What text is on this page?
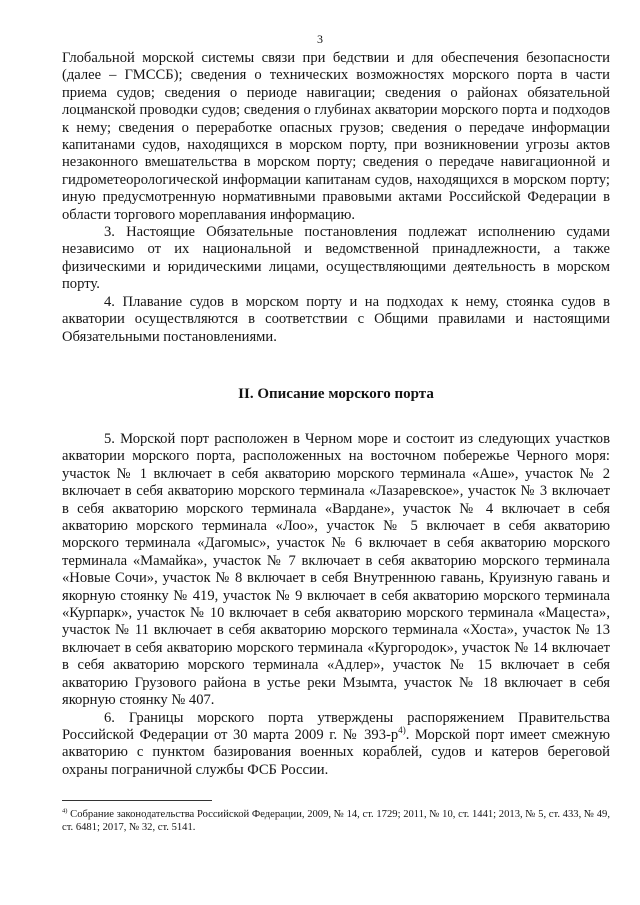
3

Глобальной морской системы связи при бедствии и для обеспечения безопасности (далее – ГМССБ); сведения о технических возможностях морского порта в части приема судов; сведения о периоде навигации; сведения о районах обязательной лоцманской проводки судов; сведения о глубинах акватории морского порта и подходов к нему; сведения о переработке опасных грузов; сведения о передаче информации капитанами судов, находящихся в морском порту, при возникновении угрозы актов незаконного вмешательства в морском порту; сведения о передаче навигационной и гидрометеорологической информации капитанам судов, находящихся в морском порту; иную предусмотренную нормативными правовыми актами Российской Федерации в области торгового мореплавания информацию.

3. Настоящие Обязательные постановления подлежат исполнению судами независимо от их национальной и ведомственной принадлежности, а также физическими и юридическими лицами, осуществляющими деятельность в морском порту.

4. Плавание судов в морском порту и на подходах к нему, стоянка судов в акватории осуществляются в соответствии с Общими правилами и настоящими Обязательными постановлениями.

II. Описание морского порта

5. Морской порт расположен в Черном море и состоит из следующих участков акватории морского порта, расположенных на восточном побережье Черного моря: участок № 1 включает в себя акваторию морского терминала «Аше», участок № 2 включает в себя акваторию морского терминала «Лазаревское», участок № 3 включает в себя акваторию морского терминала «Вардане», участок № 4 включает в себя акваторию морского терминала «Лоо», участок № 5 включает в себя акваторию морского терминала «Дагомыс», участок № 6 включает в себя акваторию морского терминала «Мамайка», участок № 7 включает в себя акваторию морского терминала «Новые Сочи», участок № 8 включает в себя Внутреннюю гавань, Круизную гавань и якорную стоянку № 419, участок № 9 включает в себя акваторию морского терминала «Курпарк», участок № 10 включает в себя акваторию морского терминала «Мацеста», участок № 11 включает в себя акваторию морского терминала «Хоста», участок № 13 включает в себя акваторию морского терминала «Кургородок», участок № 14 включает в себя акваторию морского терминала «Адлер», участок № 15 включает в себя акваторию Грузового района в устье реки Мзымта, участок № 18 включает в себя якорную стоянку № 407.

6. Границы морского порта утверждены распоряжением Правительства Российской Федерации от 30 марта 2009 г. № $393-р^{4)}$. Морской порт имеет смежную акваторию с пунктом базирования военных кораблей, судов и катеров береговой охраны пограничной службы ФСБ России.

$^{4)}$ Собрание законодательства Российской Федерации, 2009, № 14, ст. 1729; 2011, № 10, ст. 1441; 2013, № 5, ст. 433, № 49, ст. 6481; 2017, № 32, ст. 5141.
